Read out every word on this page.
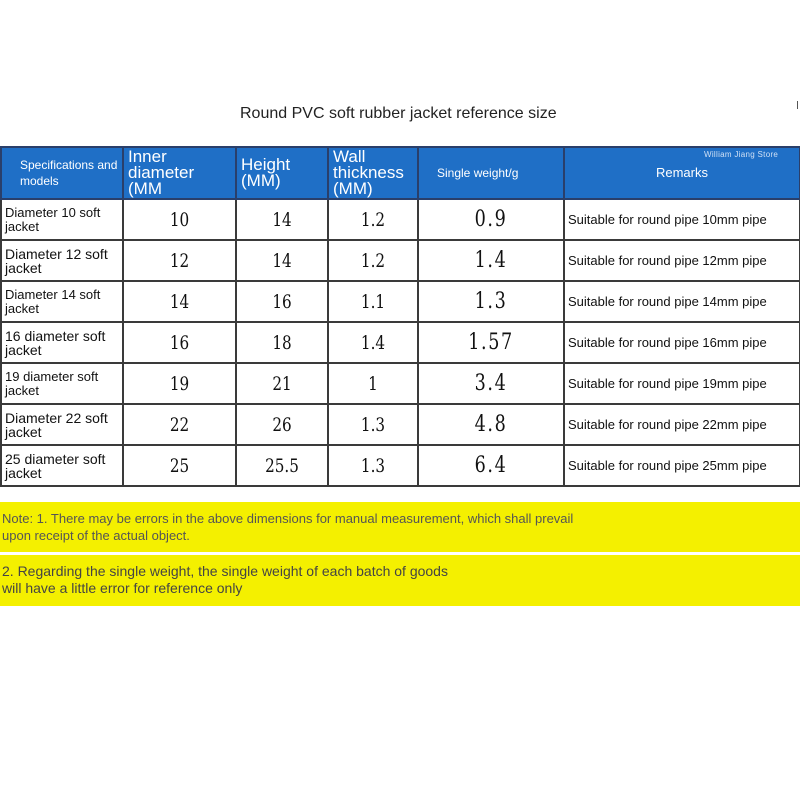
Round PVC soft rubber jacket reference size
William Jiang Store
Specifications and models	Inner diameter (MM	Height (MM)	Wall thickness (MM)	Single weight/g	Remarks
Diameter 10 soft jacket	10	14	1.2	0.9	Suitable for round pipe 10mm pipe
Diameter 12 soft jacket	12	14	1.2	1.4	Suitable for round pipe 12mm pipe
Diameter 14 soft jacket	14	16	1.1	1.3	Suitable for round pipe 14mm pipe
16 diameter soft jacket	16	18	1.4	1.57	Suitable for round pipe 16mm pipe
19 diameter soft jacket	19	21	1	3.4	Suitable for round pipe 19mm pipe
Diameter 22 soft jacket	22	26	1.3	4.8	Suitable for round pipe 22mm pipe
25 diameter soft jacket	25	25.5	1.3	6.4	Suitable for round pipe 25mm pipe
Note: 1. There may be errors in the above dimensions for manual measurement, which shall prevail upon receipt of the actual object.
2. Regarding the single weight, the single weight of each batch of goods will have a little error for reference only
